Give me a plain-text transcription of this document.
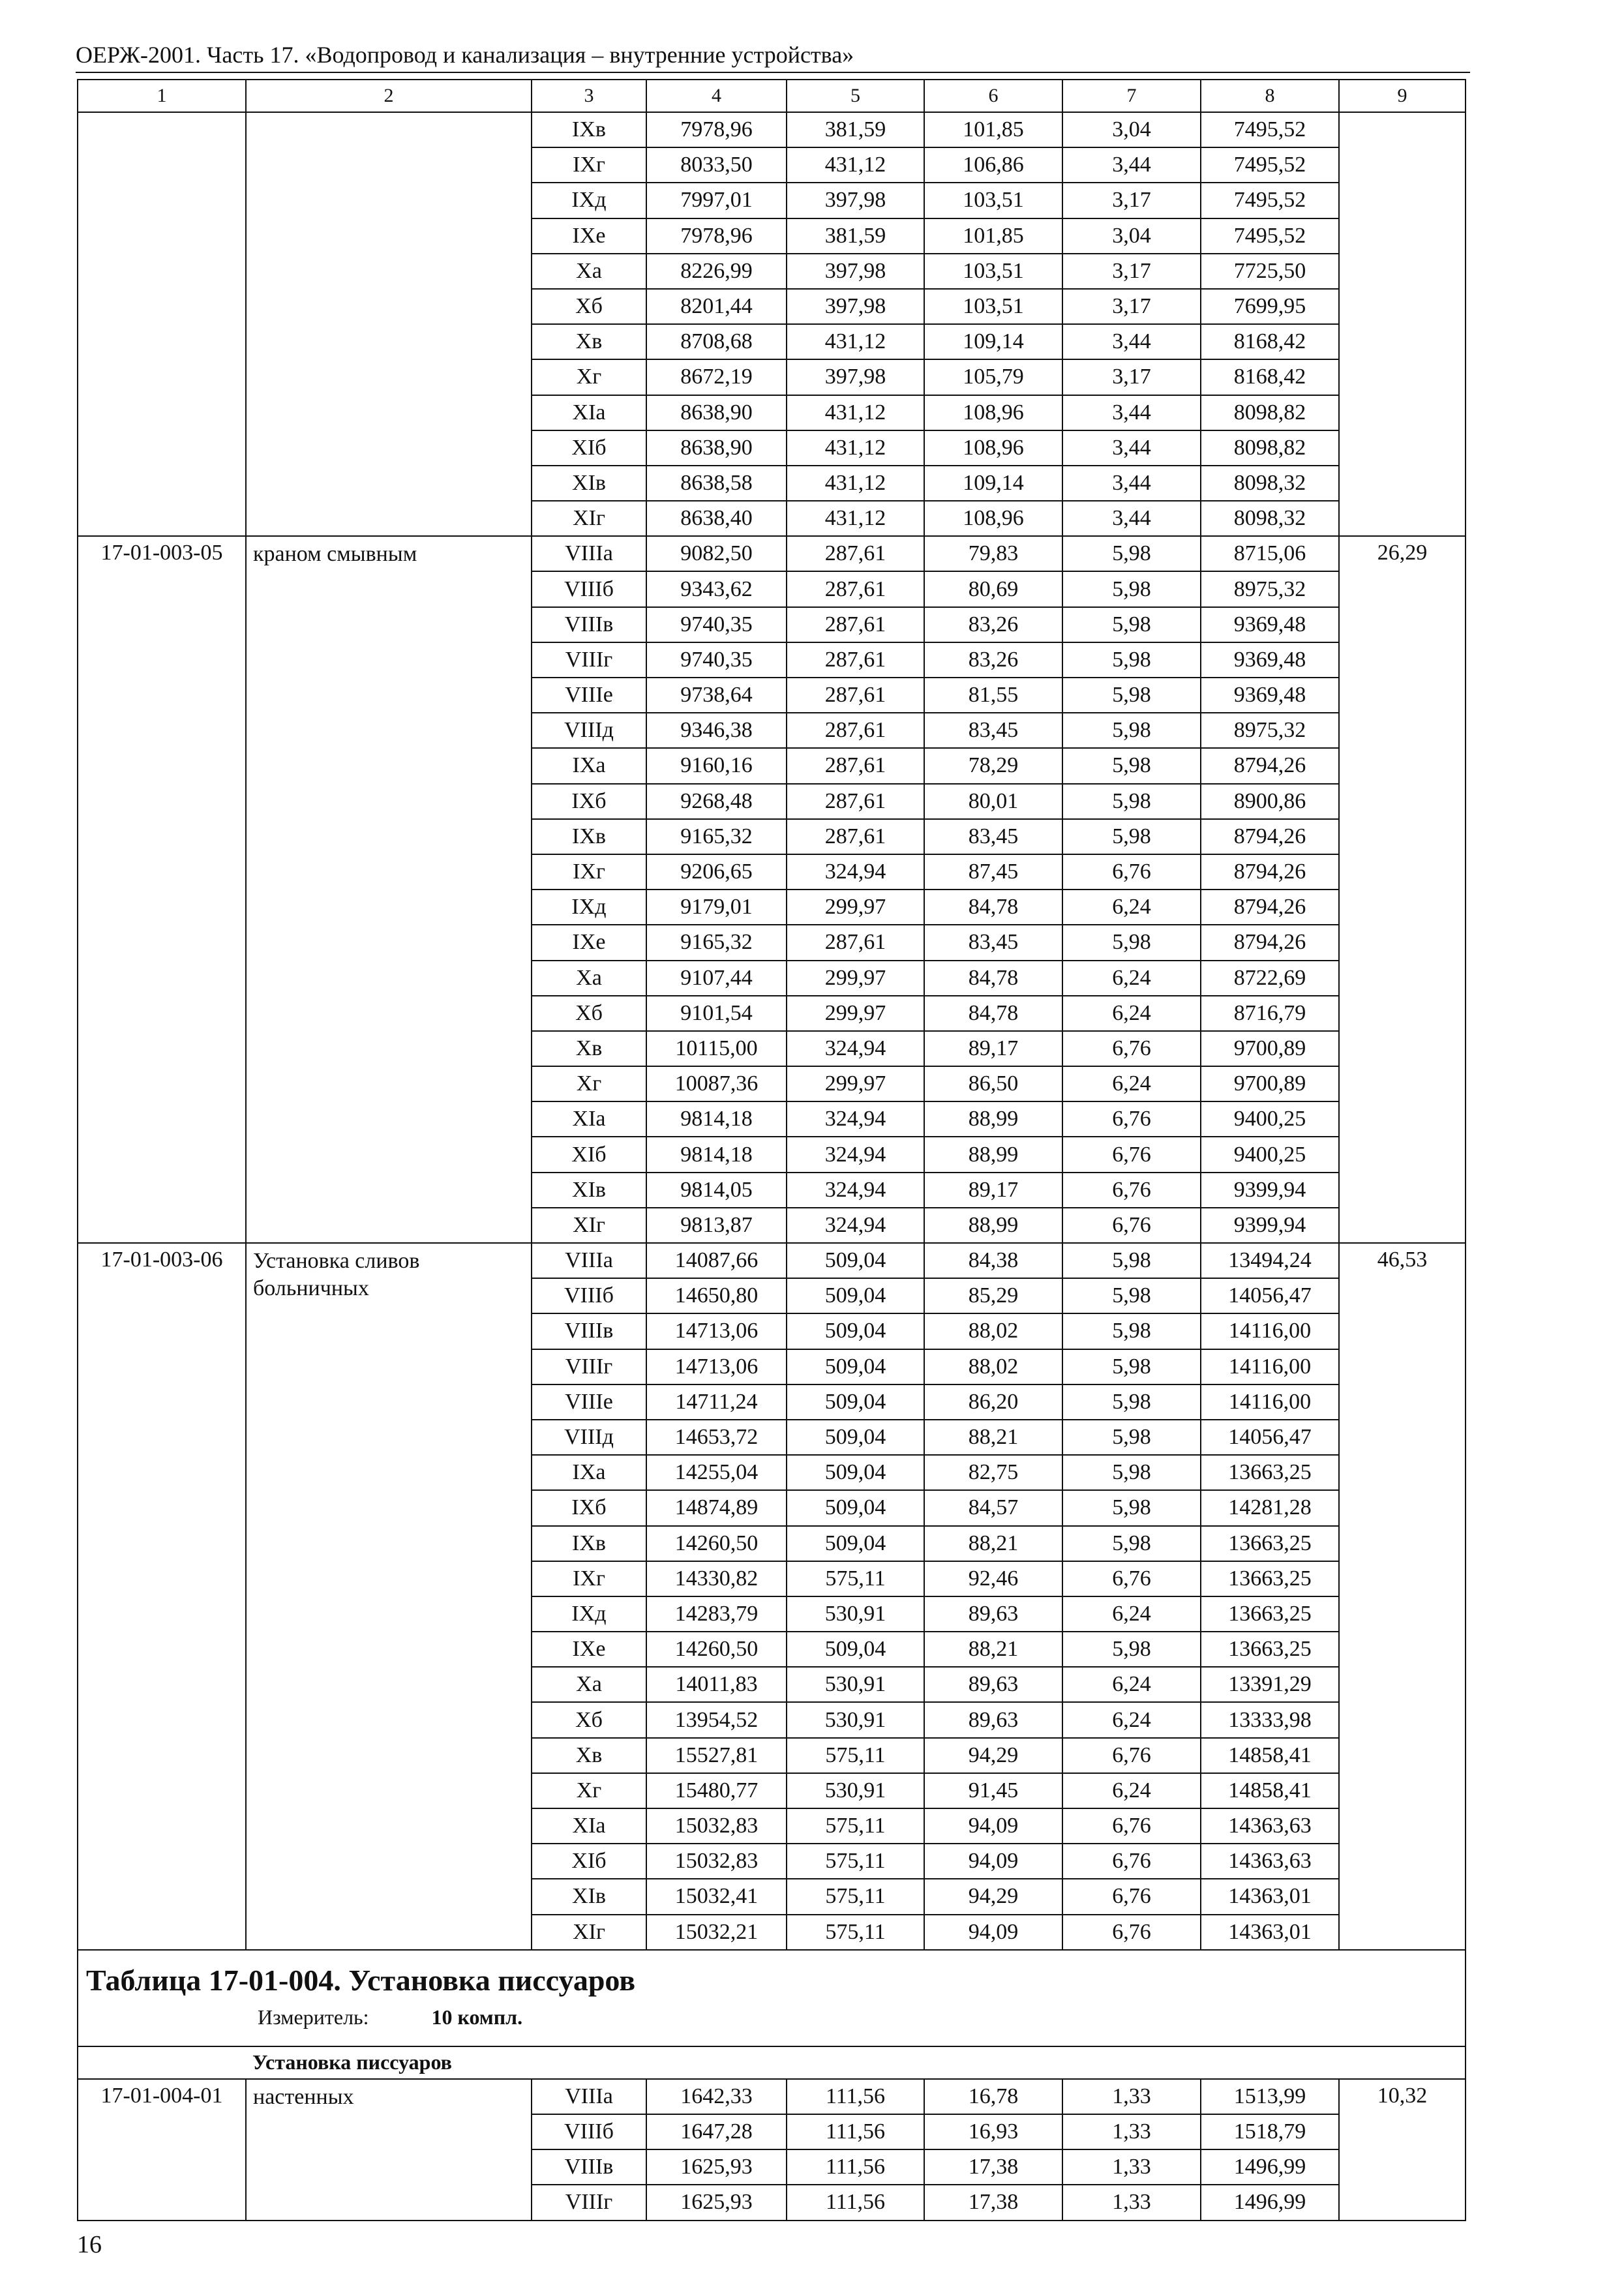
ОЕРЖ-2001. Часть 17. «Водопровод и канализация – внутренние устройства»
1	2	3	4	5	6	7	8	9
		IXв	7978,96	381,59	101,85	3,04	7495,52	
		IXг	8033,50	431,12	106,86	3,44	7495,52	
		IXд	7997,01	397,98	103,51	3,17	7495,52	
		IXе	7978,96	381,59	101,85	3,04	7495,52	
		Xа	8226,99	397,98	103,51	3,17	7725,50	
		Xб	8201,44	397,98	103,51	3,17	7699,95	
		Xв	8708,68	431,12	109,14	3,44	8168,42	
		Xг	8672,19	397,98	105,79	3,17	8168,42	
		XIа	8638,90	431,12	108,96	3,44	8098,82	
		XIб	8638,90	431,12	108,96	3,44	8098,82	
		XIв	8638,58	431,12	109,14	3,44	8098,32	
		XIг	8638,40	431,12	108,96	3,44	8098,32	
17-01-003-05	краном смывным	VIIIа	9082,50	287,61	79,83	5,98	8715,06	26,29
		VIIIб	9343,62	287,61	80,69	5,98	8975,32	
		VIIIв	9740,35	287,61	83,26	5,98	9369,48	
		VIIIг	9740,35	287,61	83,26	5,98	9369,48	
		VIIIе	9738,64	287,61	81,55	5,98	9369,48	
		VIIIд	9346,38	287,61	83,45	5,98	8975,32	
		IXа	9160,16	287,61	78,29	5,98	8794,26	
		IXб	9268,48	287,61	80,01	5,98	8900,86	
		IXв	9165,32	287,61	83,45	5,98	8794,26	
		IXг	9206,65	324,94	87,45	6,76	8794,26	
		IXд	9179,01	299,97	84,78	6,24	8794,26	
		IXе	9165,32	287,61	83,45	5,98	8794,26	
		Xа	9107,44	299,97	84,78	6,24	8722,69	
		Xб	9101,54	299,97	84,78	6,24	8716,79	
		Xв	10115,00	324,94	89,17	6,76	9700,89	
		Xг	10087,36	299,97	86,50	6,24	9700,89	
		XIа	9814,18	324,94	88,99	6,76	9400,25	
		XIб	9814,18	324,94	88,99	6,76	9400,25	
		XIв	9814,05	324,94	89,17	6,76	9399,94	
		XIг	9813,87	324,94	88,99	6,76	9399,94	
17-01-003-06	Установка сливов больничных	VIIIа	14087,66	509,04	84,38	5,98	13494,24	46,53
		VIIIб	14650,80	509,04	85,29	5,98	14056,47	
		VIIIв	14713,06	509,04	88,02	5,98	14116,00	
		VIIIг	14713,06	509,04	88,02	5,98	14116,00	
		VIIIе	14711,24	509,04	86,20	5,98	14116,00	
		VIIIд	14653,72	509,04	88,21	5,98	14056,47	
		IXа	14255,04	509,04	82,75	5,98	13663,25	
		IXб	14874,89	509,04	84,57	5,98	14281,28	
		IXв	14260,50	509,04	88,21	5,98	13663,25	
		IXг	14330,82	575,11	92,46	6,76	13663,25	
		IXд	14283,79	530,91	89,63	6,24	13663,25	
		IXе	14260,50	509,04	88,21	5,98	13663,25	
		Xа	14011,83	530,91	89,63	6,24	13391,29	
		Xб	13954,52	530,91	89,63	6,24	13333,98	
		Xв	15527,81	575,11	94,29	6,76	14858,41	
		Xг	15480,77	530,91	91,45	6,24	14858,41	
		XIа	15032,83	575,11	94,09	6,76	14363,63	
		XIб	15032,83	575,11	94,09	6,76	14363,63	
		XIв	15032,41	575,11	94,29	6,76	14363,01	
		XIг	15032,21	575,11	94,09	6,76	14363,01	

Таблица 17-01-004. Установка писсуаров
Измеритель: 10 компл.								

	Установка писсуаров							
17-01-004-01	настенных	VIIIа	1642,33	111,56	16,78	1,33	1513,99	10,32
		VIIIб	1647,28	111,56	16,93	1,33	1518,79	
		VIIIв	1625,93	111,56	17,38	1,33	1496,99	
		VIIIг	1625,93	111,56	17,38	1,33	1496,99	
16
